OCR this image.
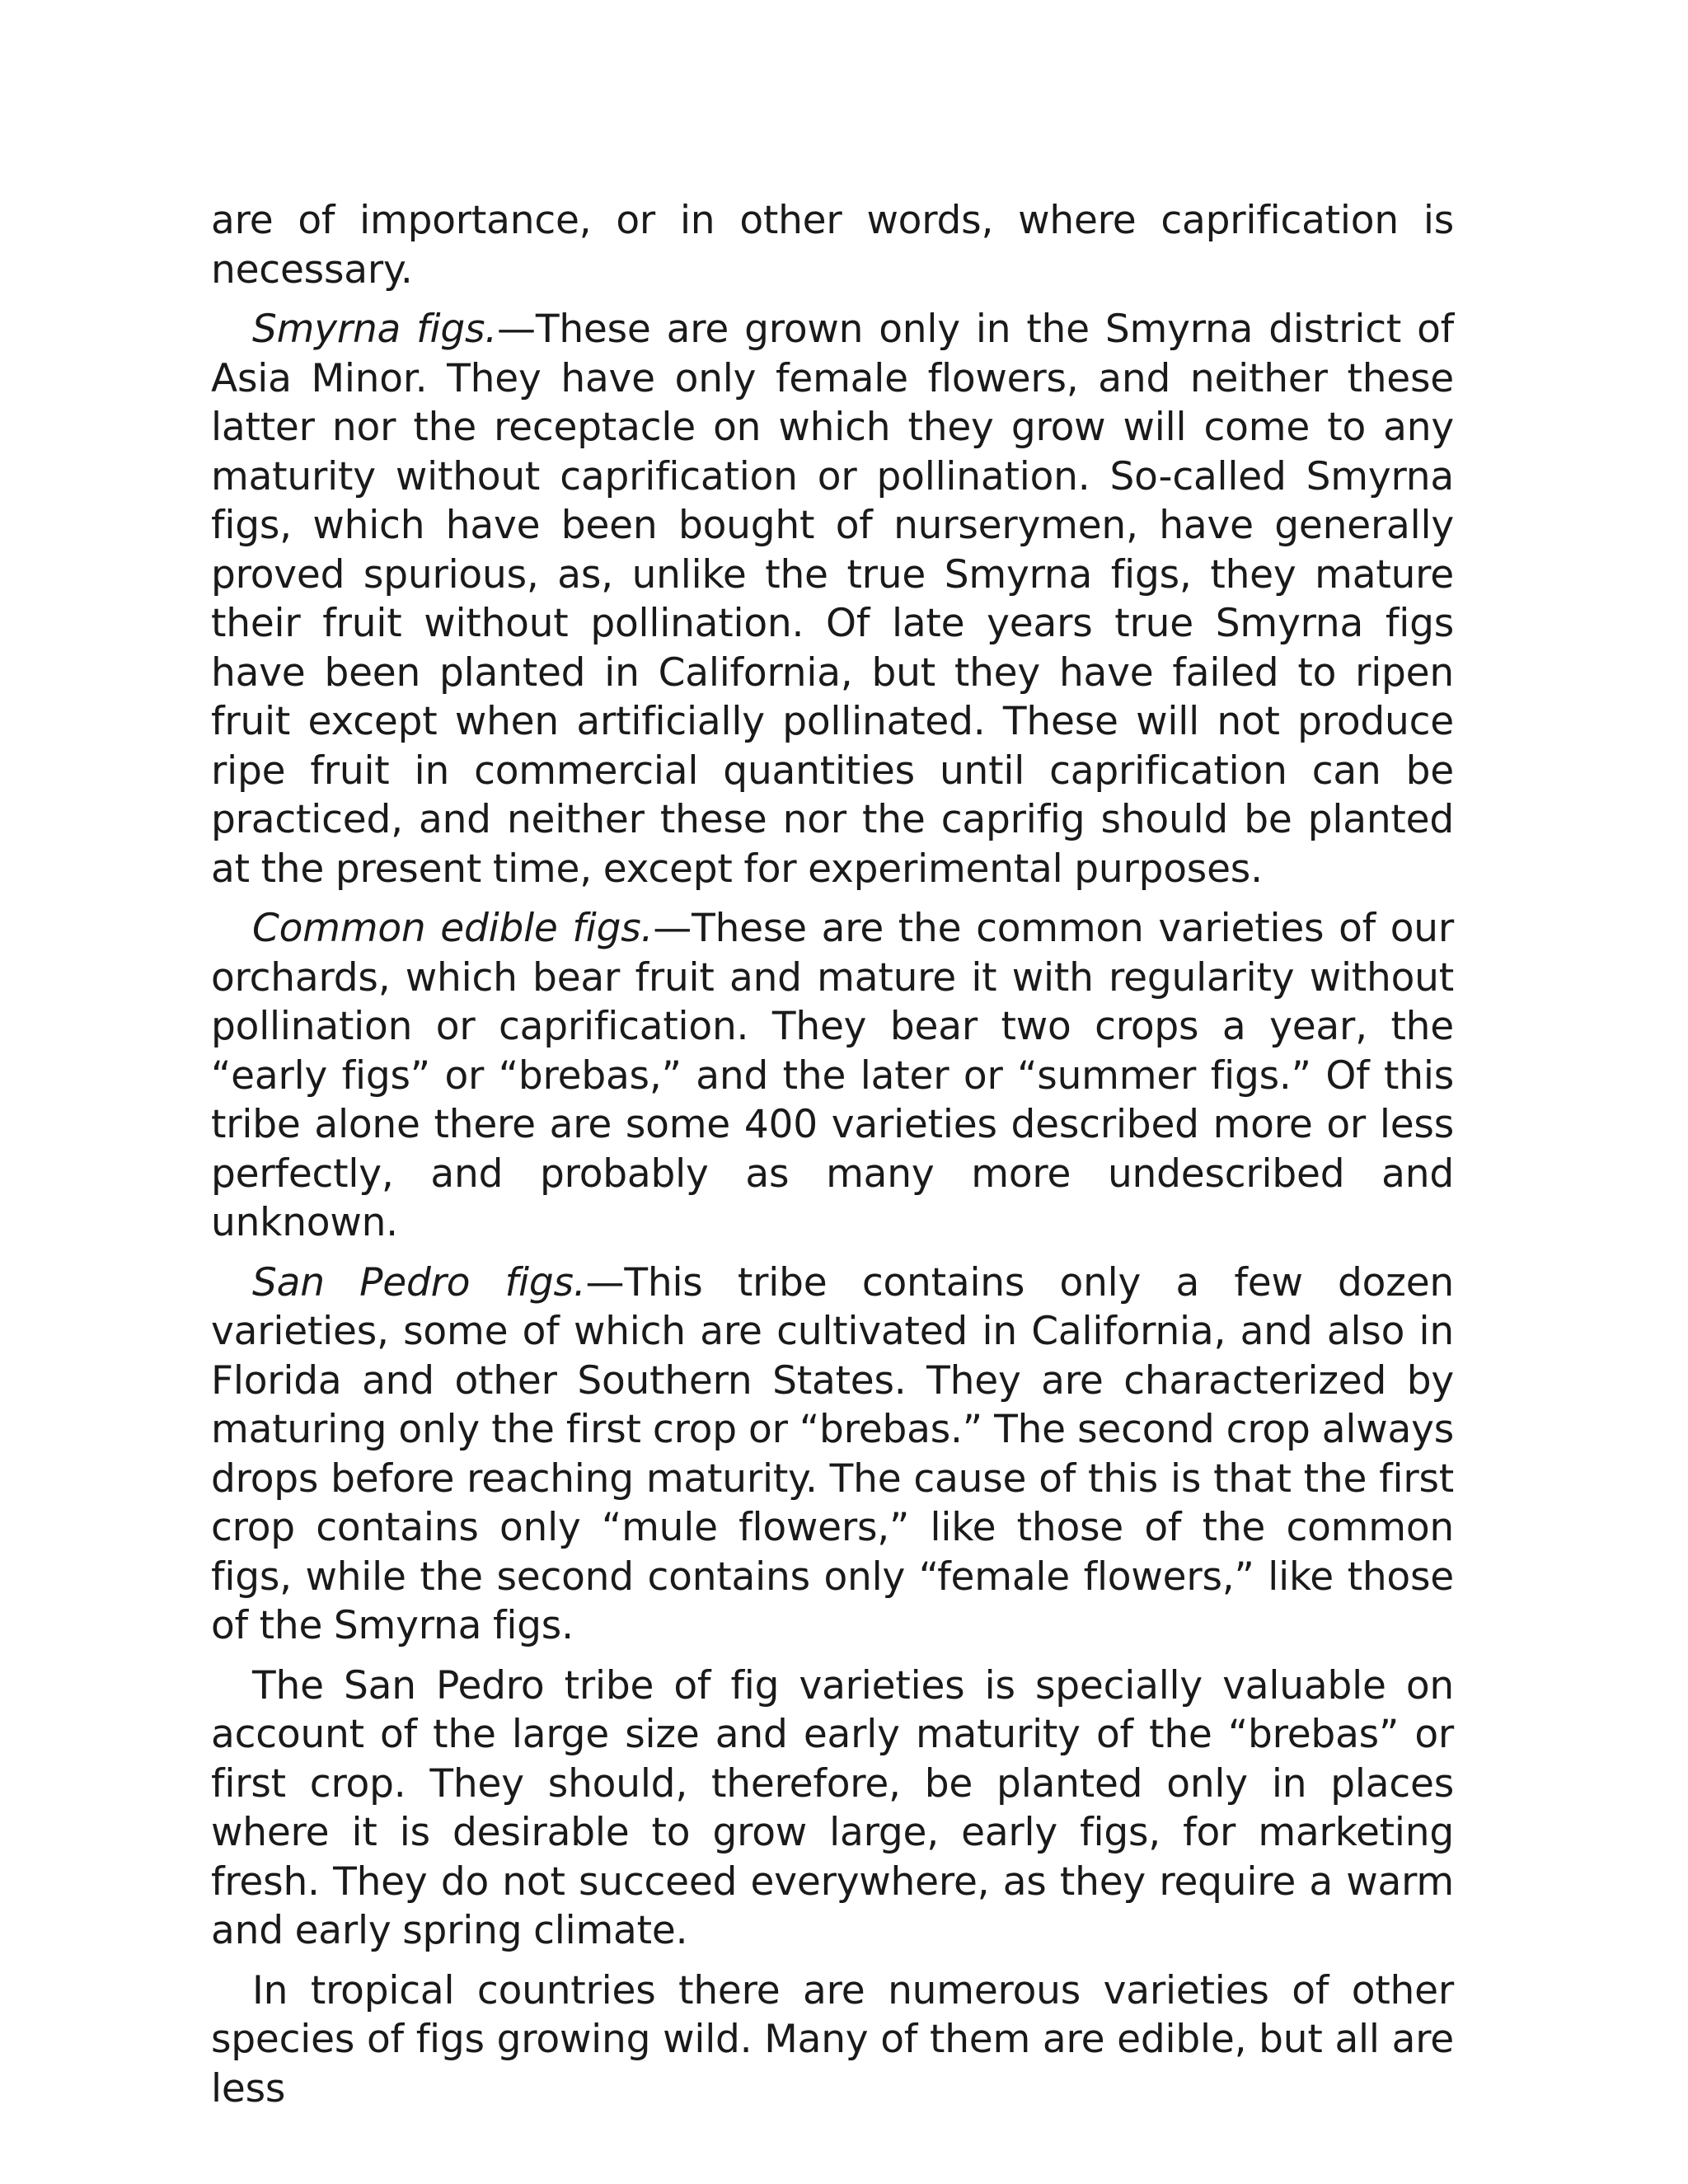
are of importance, or in other words, where caprification is necessary.

Smyrna figs.—These are grown only in the Smyrna district of Asia Minor. They have only female flowers, and neither these latter nor the receptacle on which they grow will come to any maturity without caprification or pollination. So-called Smyrna figs, which have been bought of nurserymen, have generally proved spurious, as, unlike the true Smyrna figs, they mature their fruit without pollination. Of late years true Smyrna figs have been planted in California, but they have failed to ripen fruit except when artificially pollinated. These will not produce ripe fruit in commercial quantities until caprification can be practiced, and neither these nor the caprifig should be planted at the present time, except for experimental purposes.

Common edible figs.—These are the common varieties of our orchards, which bear fruit and mature it with regularity without pollination or caprification. They bear two crops a year, the “early figs” or “brebas,” and the later or “summer figs.” Of this tribe alone there are some 400 varieties described more or less perfectly, and probably as many more undescribed and unknown.

San Pedro figs.—This tribe contains only a few dozen varieties, some of which are cultivated in California, and also in Florida and other Southern States. They are characterized by maturing only the first crop or “brebas.” The second crop always drops before reaching maturity. The cause of this is that the first crop contains only “mule flowers,” like those of the common figs, while the second contains only “female flowers,” like those of the Smyrna figs.

The San Pedro tribe of fig varieties is specially valuable on account of the large size and early maturity of the “brebas” or first crop. They should, therefore, be planted only in places where it is desirable to grow large, early figs, for marketing fresh. They do not succeed everywhere, as they require a warm and early spring climate.

In tropical countries there are numerous varieties of other species of figs growing wild. Many of them are edible, but all are less
